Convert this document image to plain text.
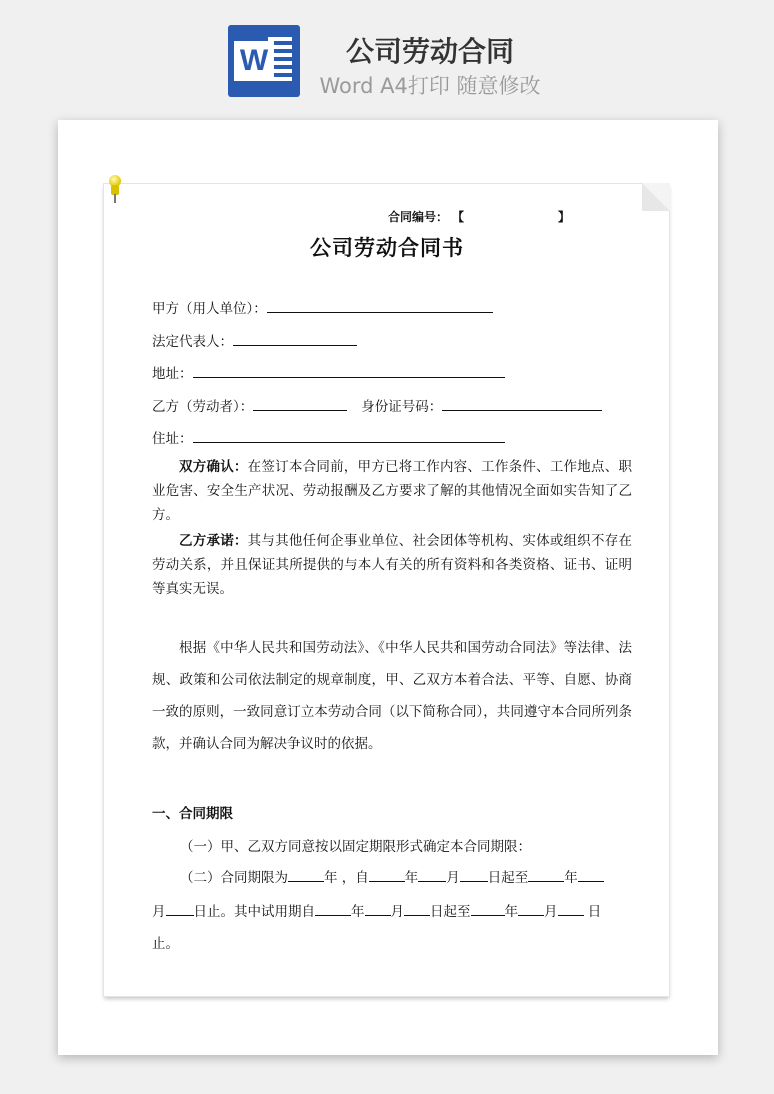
W	公司劳动合同
Word A4打印 随意修改
合同编号： 【	】
公司劳动合同书
甲方（用人单位）：
法定代表人：
地址：
乙方（劳动者）：	身份证号码：
住址：
双方确认：在签订本合同前，甲方已将工作内容、工作条件、工作地点、职业危害、安全生产状况、劳动报酬及乙方要求了解的其他情况全面如实告知了乙方。
乙方承诺：其与其他任何企事业单位、社会团体等机构、实体或组织不存在劳动关系，并且保证其所提供的与本人有关的所有资料和各类资格、证书、证明等真实无误。
根据《中华人民共和国劳动法》、《中华人民共和国劳动合同法》等法律、法规、政策和公司依法制定的规章制度，甲、乙双方本着合法、平等、自愿、协商一致的原则，一致同意订立本劳动合同（以下简称合同），共同遵守本合同所列条款，并确认合同为解决争议时的依据。
一、合同期限
（一）甲、乙双方同意按以固定期限形式确定本合同期限：
（二）合同期限为	年 ，自	年 月 日起至	年
月 日止。其中试用期自	年 月 日起至	年 月 日
止。
